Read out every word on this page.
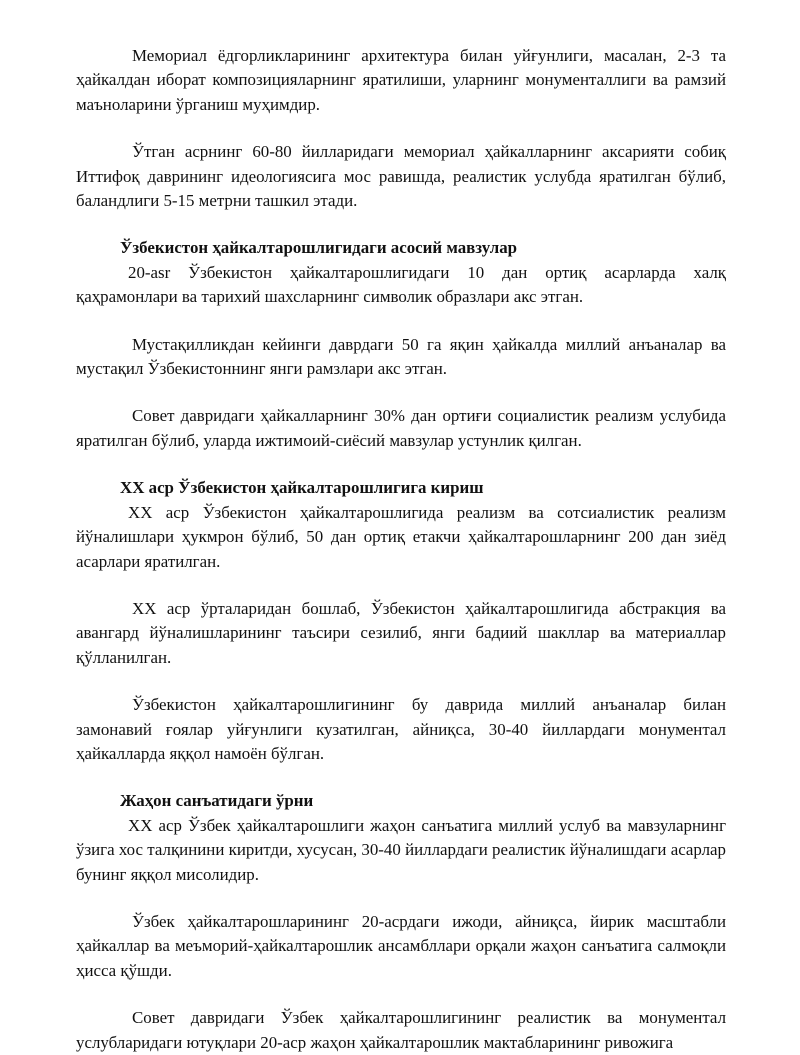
Мемориал ёдгорликларининг архитектура билан уйғунлиги, масалан, 2-3 та ҳайкалдан иборат композицияларнинг яратилиши, уларнинг монументаллиги ва рамзий маъноларини ўрганиш муҳимдир.

Ўтган асрнинг 60-80 йилларидаги мемориал ҳайкалларнинг аксарияти собиқ Иттифоқ даврининг идеологиясига мос равишда, реалистик услубда яратилган бўлиб, баландлиги 5-15 метрни ташкил этади.

Ўзбекистон ҳайкалтарошлигидаги асосий мавзулар

20-asr Ўзбекистон ҳайкалтарошлигидаги 10 дан ортиқ асарларда халқ қаҳрамонлари ва тарихий шахсларнинг символик образлари акс этган.

Мустақилликдан кейинги даврдаги 50 га яқин ҳайкалда миллий анъаналар ва мустақил Ўзбекистоннинг янги рамзлари акс этган.

Совет давридаги ҳайкалларнинг 30% дан ортиғи социалистик реализм услубида яратилган бўлиб, уларда ижтимоий-сиёсий мавзулар устунлик қилган.

XX аср Ўзбекистон ҳайкалтарошлигига кириш

XX аср Ўзбекистон ҳайкалтарошлигида реализм ва сотсиалистик реализм йўналишлари ҳукмрон бўлиб, 50 дан ортиқ етакчи ҳайкалтарошларнинг 200 дан зиёд асарлари яратилган.

XX аср ўрталаридан бошлаб, Ўзбекистон ҳайкалтарошлигида абстракция ва авангард йўналишларининг таъсири сезилиб, янги бадиий шакллар ва материаллар қўлланилган.

Ўзбекистон ҳайкалтарошлигининг бу даврида миллий анъаналар билан замонавий ғоялар уйғунлиги кузатилган, айниқса, 30-40 йиллардаги монументал ҳайкалларда яққол намоён бўлган.

Жаҳон санъатидаги ўрни

XX аср Ўзбек ҳайкалтарошлиги жаҳон санъатига миллий услуб ва мавзуларнинг ўзига хос талқинини киритди, хусусан, 30-40 йиллардаги реалистик йўналишдаги асарлар бунинг яққол мисолидир.

Ўзбек ҳайкалтарошларининг 20-асрдаги ижоди, айниқса, йирик масштабли ҳайкаллар ва меъморий-ҳайкалтарошлик ансамбллари орқали жаҳон санъатига салмоқли ҳисса қўшди.

Совет давридаги Ўзбек ҳайкалтарошлигининг реалистик ва монументал услубларидаги ютуқлари 20-аср жаҳон ҳайкалтарошлик мактабларининг ривожига
